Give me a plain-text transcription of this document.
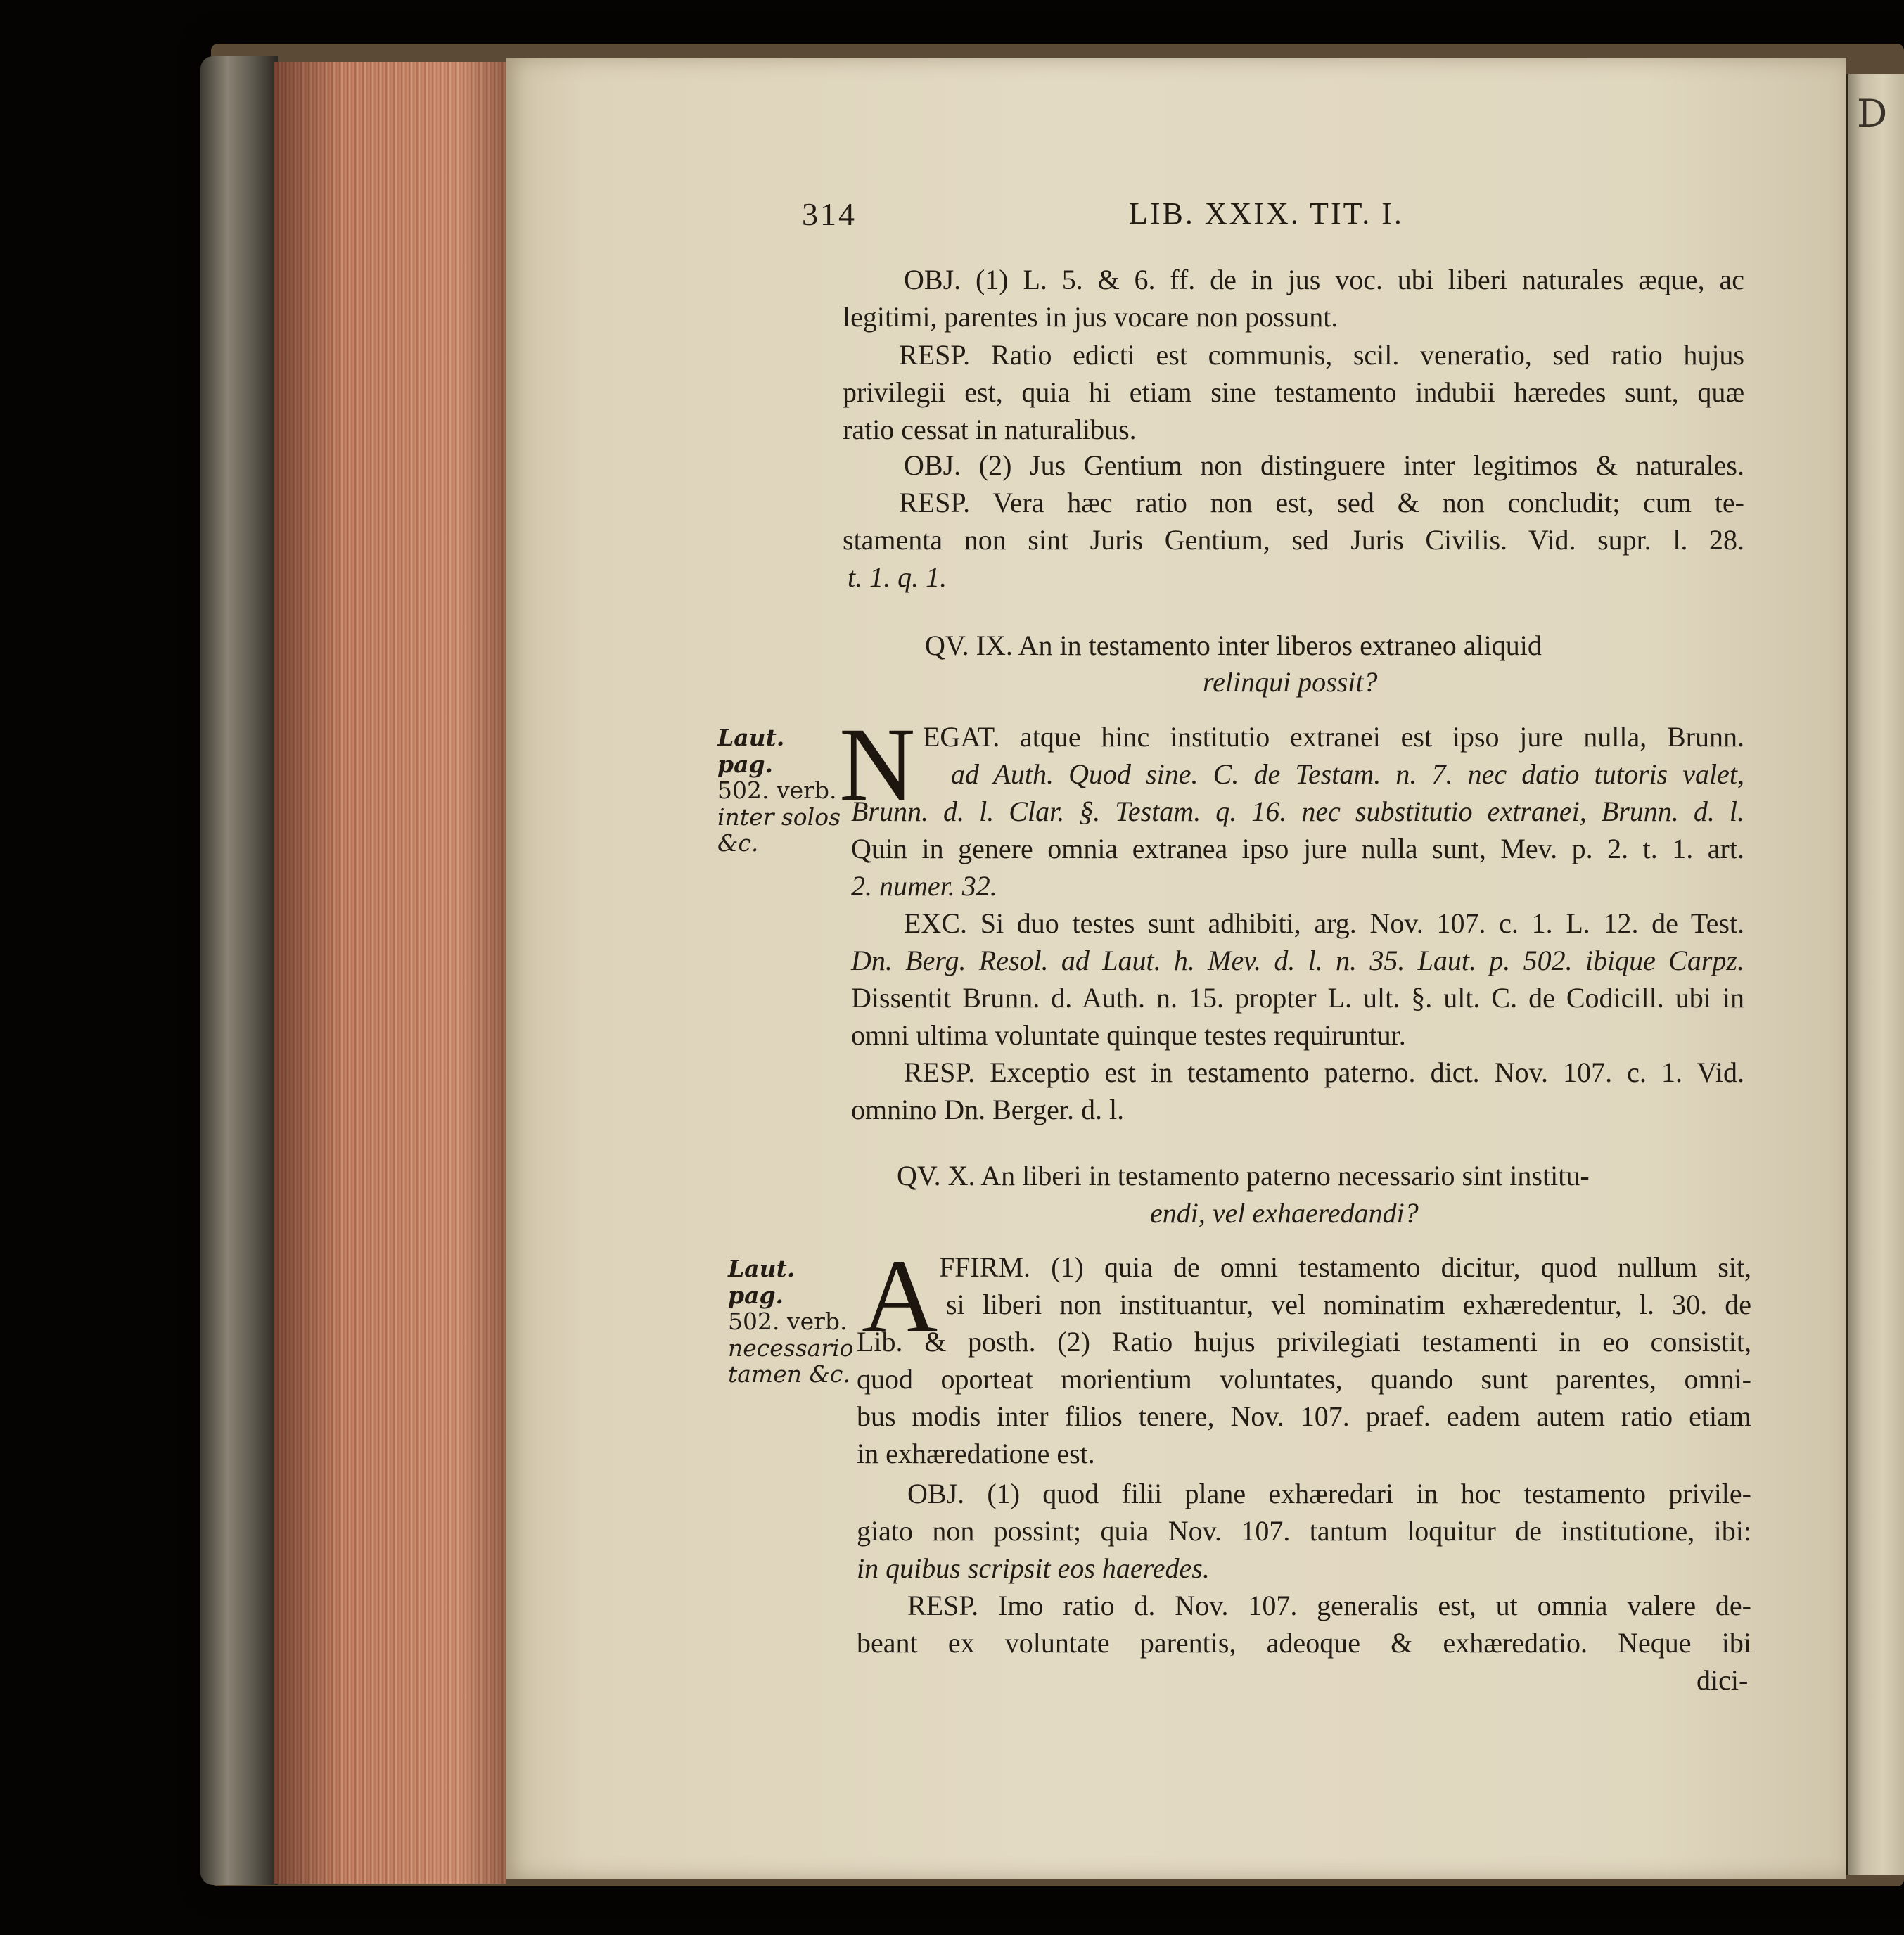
D
314	LIB. XXIX. TIT. I.
OBJ. (1) L. 5. & 6. ff. de in jus voc. ubi liberi naturales æque, ac
legitimi, parentes in jus vocare non possunt.
RESP. Ratio edicti est communis, scil. veneratio, sed ratio hujus
privilegii est, quia hi etiam sine testamento indubii hæredes sunt, quæ
ratio cessat in naturalibus.
OBJ. (2) Jus Gentium non distinguere inter legitimos & naturales.
RESP. Vera hæc ratio non est, sed & non concludit; cum te-
stamenta non sint Juris Gentium, sed Juris Civilis. Vid. supr. l. 28.
t. 1. q. 1.
QV. IX. An in testamento inter liberos extraneo aliquid
relinqui possit?
N EGAT. atque hinc institutio extranei est ipso jure nulla, Brunn.
ad Auth. Quod sine. C. de Testam. n. 7. nec datio tutoris valet,
Brunn. d. l. Clar. §. Testam. q. 16. nec substitutio extranei, Brunn. d. l.
Quin in genere omnia extranea ipso jure nulla sunt, Mev. p. 2. t. 1. art.
2. numer. 32.
Laut. pag.
502. verb.
inter solos
&c.
EXC. Si duo testes sunt adhibiti, arg. Nov. 107. c. 1. L. 12. de Test.
Dn. Berg. Resol. ad Laut. h. Mev. d. l. n. 35. Laut. p. 502. ibique Carpz.
Dissentit Brunn. d. Auth. n. 15. propter L. ult. §. ult. C. de Codicill. ubi in
omni ultima voluntate quinque testes requiruntur.
RESP. Exceptio est in testamento paterno. dict. Nov. 107. c. 1. Vid.
omnino Dn. Berger. d. l.
QV. X. An liberi in testamento paterno necessario sint institu-
endi, vel exhaeredandi?
A FFIRM. (1) quia de omni testamento dicitur, quod nullum sit,
si liberi non instituantur, vel nominatim exhæredentur, l. 30. de
Lib. & posth. (2) Ratio hujus privilegiati testamenti in eo consistit,
quod oporteat morientium voluntates, quando sunt parentes, omni-
bus modis inter filios tenere, Nov. 107. praef. eadem autem ratio etiam
in exhæredatione est.
Laut. pag.
502. verb.
necessario
tamen &c.
OBJ. (1) quod filii plane exhæredari in hoc testamento privile-
giato non possint; quia Nov. 107. tantum loquitur de institutione, ibi:
in quibus scripsit eos haeredes.
RESP. Imo ratio d. Nov. 107. generalis est, ut omnia valere de-
beant ex voluntate parentis, adeoque & exhæredatio. Neque ibi
dici-
